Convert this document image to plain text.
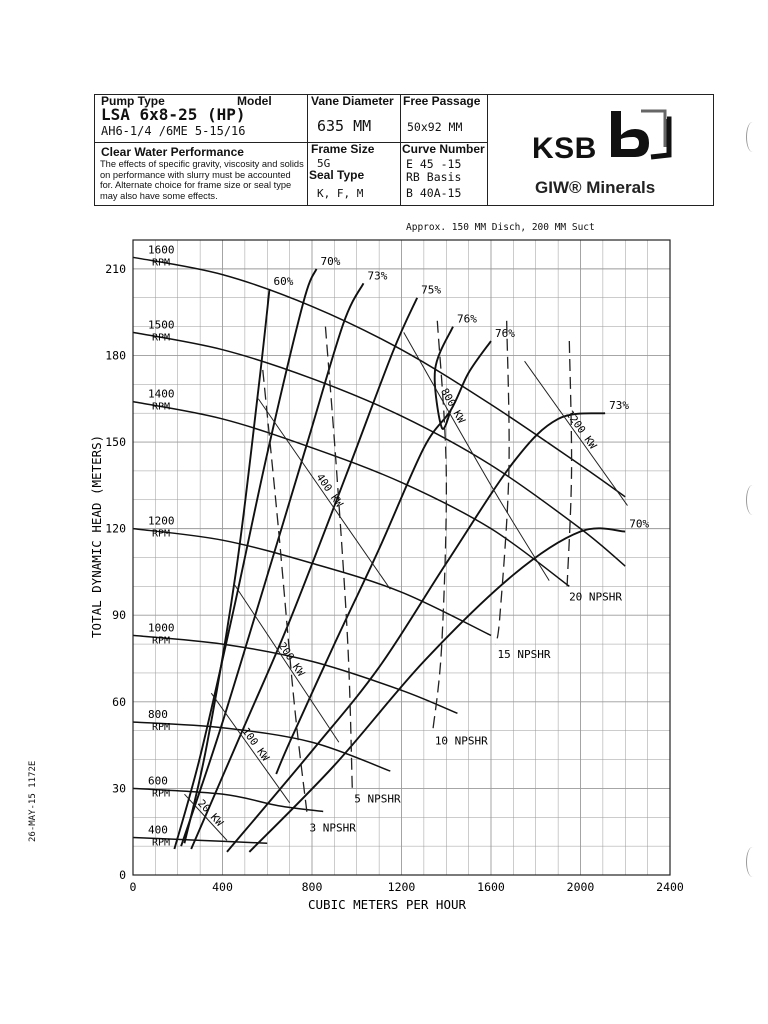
Pump Type	Model
LSA 6x8-25 (HP)
AH6-1/4 /6ME 5-15/16
Clear Water Performance
The effects of specific gravity, viscosity and solids on performance with slurry must be accounted for. Alternate choice for frame size or seal type may also have some effects.
Vane Diameter
635 MM
Frame Size
5G
Seal Type
K, F, M
Free Passage
50x92 MM
Curve Number
E 45 -15
RB Basis
B 40A-15
KSB
GIW® Minerals
Approx. 150 MM Disch, 200 MM Suct
26-MAY-15 1172E
1600
RPM
1500
RPM
1400
RPM
1200
RPM
1000
RPM
800
RPM
600
RPM
400
RPM
60%
70%
73%
75%
76%
76%
73%
70%
20 KW
100 KW
200 KW
400 KW
800 KW
1200 KW
3 NPSHR
5 NPSHR
10 NPSHR
15 NPSHR
20 NPSHR
0	400	800	1200	1600	2000	2400
0
30
60
90
120
150
180
210
TOTAL DYNAMIC HEAD (METERS)
CUBIC METERS PER HOUR
